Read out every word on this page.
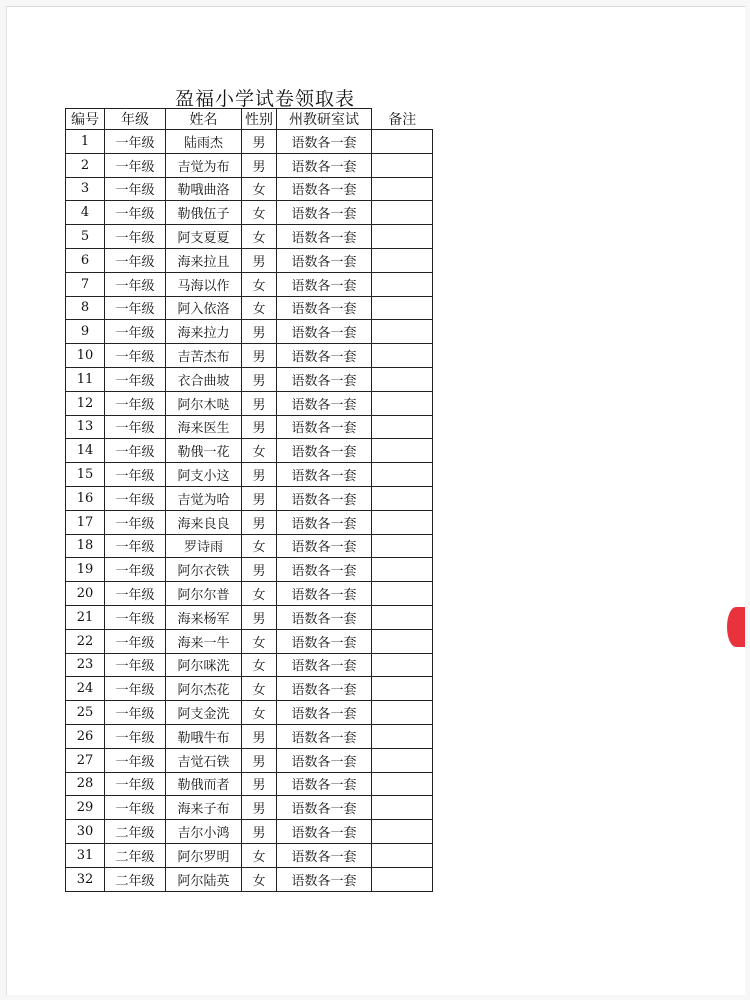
盈福小学试卷领取表
编号	年级	姓名	性别	州教研室试	备注
1	一年级	陆雨杰	男	语数各一套	
2	一年级	吉觉为布	男	语数各一套	
3	一年级	勒哦曲洛	女	语数各一套	
4	一年级	勒俄伍子	女	语数各一套	
5	一年级	阿支夏夏	女	语数各一套	
6	一年级	海来拉且	男	语数各一套	
7	一年级	马海以作	女	语数各一套	
8	一年级	阿入依洛	女	语数各一套	
9	一年级	海来拉力	男	语数各一套	
10	一年级	吉苦杰布	男	语数各一套	
11	一年级	衣合曲坡	男	语数各一套	
12	一年级	阿尔木哒	男	语数各一套	
13	一年级	海来医生	男	语数各一套	
14	一年级	勒俄一花	女	语数各一套	
15	一年级	阿支小这	男	语数各一套	
16	一年级	吉觉为哈	男	语数各一套	
17	一年级	海来良良	男	语数各一套	
18	一年级	罗诗雨	女	语数各一套	
19	一年级	阿尔衣铁	男	语数各一套	
20	一年级	阿尔尔普	女	语数各一套	
21	一年级	海来杨军	男	语数各一套	
22	一年级	海来一牛	女	语数各一套	
23	一年级	阿尔咪洗	女	语数各一套	
24	一年级	阿尔杰花	女	语数各一套	
25	一年级	阿支金洗	女	语数各一套	
26	一年级	勒哦牛布	男	语数各一套	
27	一年级	吉觉石铁	男	语数各一套	
28	一年级	勒俄而者	男	语数各一套	
29	一年级	海来子布	男	语数各一套	
30	二年级	吉尔小鸿	男	语数各一套	
31	二年级	阿尔罗明	女	语数各一套	
32	二年级	阿尔陆英	女	语数各一套	
